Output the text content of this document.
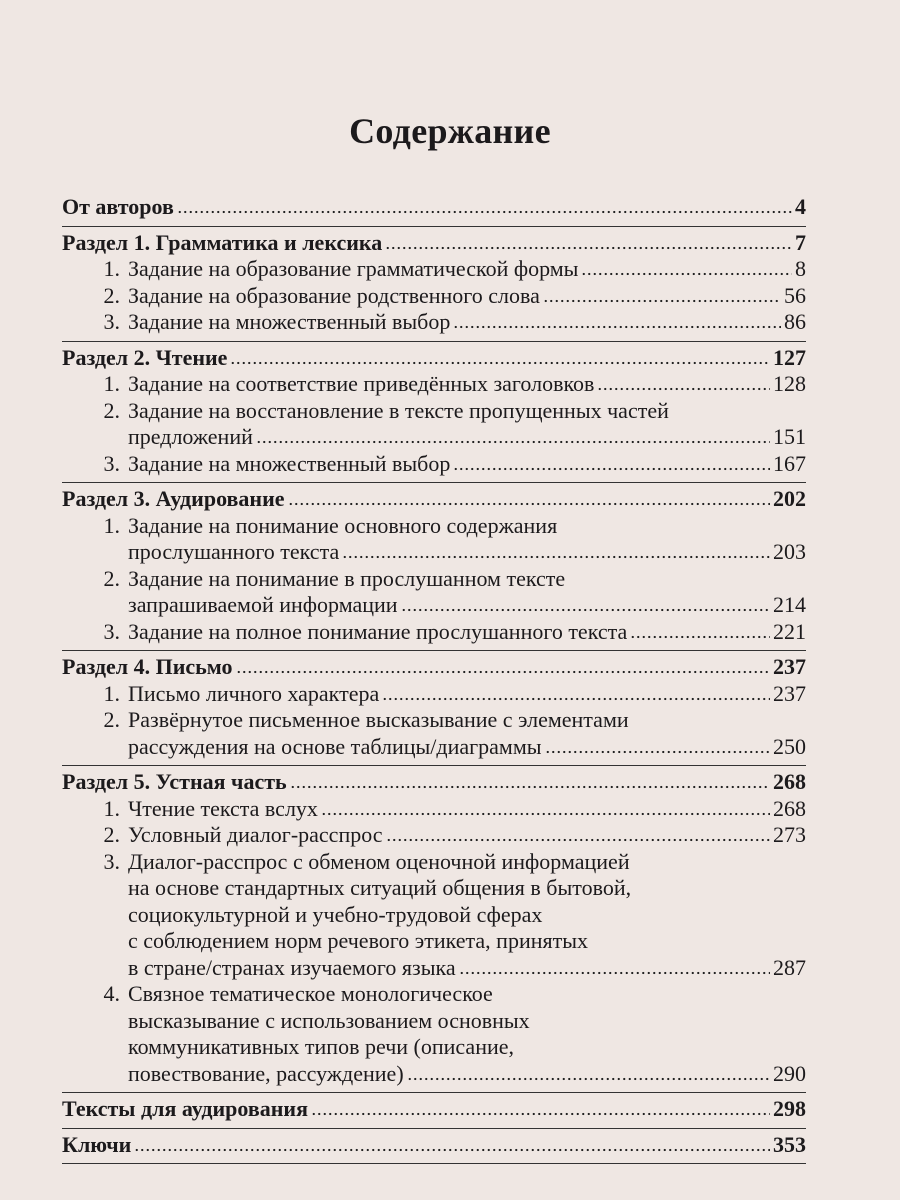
Содержание
От авторов	4
Раздел 1. Грамматика и лексика	7
1. Задание на образование грамматической формы	8
2. Задание на образование родственного слова	56
3. Задание на множественный выбор	86
Раздел 2. Чтение	127
1. Задание на соответствие приведённых заголовков	128
2. Задание на восстановление в тексте пропущенных частей
предложений	151
3. Задание на множественный выбор	167
Раздел 3. Аудирование	202
1. Задание на понимание основного содержания
прослушанного текста	203
2. Задание на понимание в прослушанном тексте
запрашиваемой информации	214
3. Задание на полное понимание прослушанного текста	221
Раздел 4. Письмо	237
1. Письмо личного характера	237
2. Развёрнутое письменное высказывание с элементами
рассуждения на основе таблицы/диаграммы	250
Раздел 5. Устная часть	268
1. Чтение текста вслух	268
2. Условный диалог-расспрос	273
3. Диалог-расспрос с обменом оценочной информацией
на основе стандартных ситуаций общения в бытовой,
социокультурной и учебно-трудовой сферах
с соблюдением норм речевого этикета, принятых
в стране/странах изучаемого языка	287
4. Связное тематическое монологическое
высказывание с использованием основных
коммуникативных типов речи (описание,
повествование, рассуждение)	290
Тексты для аудирования	298
Ключи	353
